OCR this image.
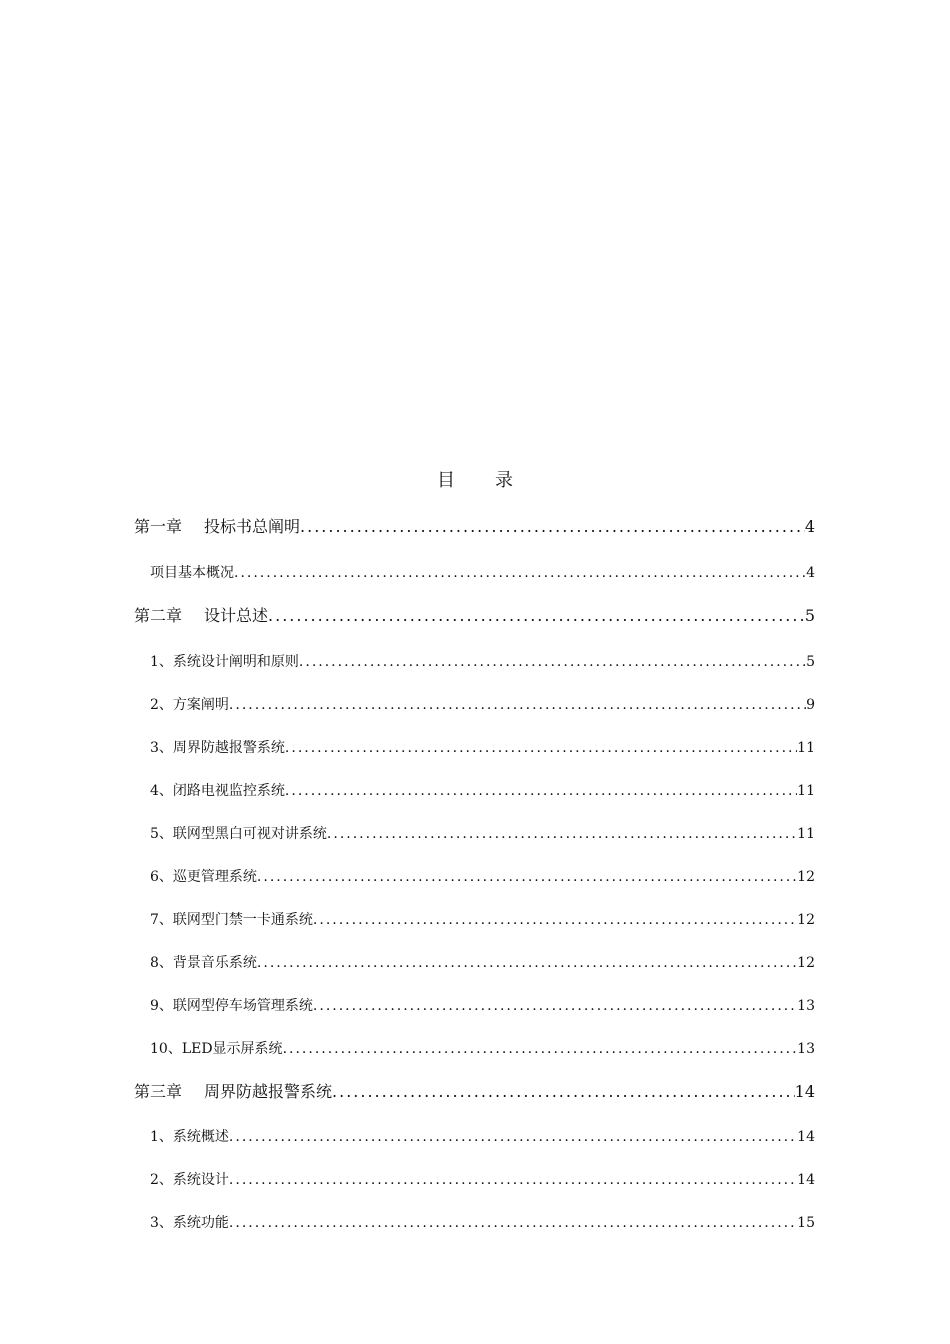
目 录
第一章 投标书总阐明 .....	4
项目基本概况 .....	4
第二章 设计总述 .....	5
1、系统设计阐明和原则 .....	5
2、方案阐明 .....	9
3、周界防越报警系统 .....	11
4、闭路电视监控系统 .....	11
5、联网型黑白可视对讲系统 .....	11
6、巡更管理系统 .....	12
7、联网型门禁一卡通系统 .....	12
8、背景音乐系统 .....	12
9、联网型停车场管理系统 .....	13
10、LED显示屏系统 .....	13
第三章 周界防越报警系统 .....	14
1、系统概述 .....	14
2、系统设计 .....	14
3、系统功能 .....	15
